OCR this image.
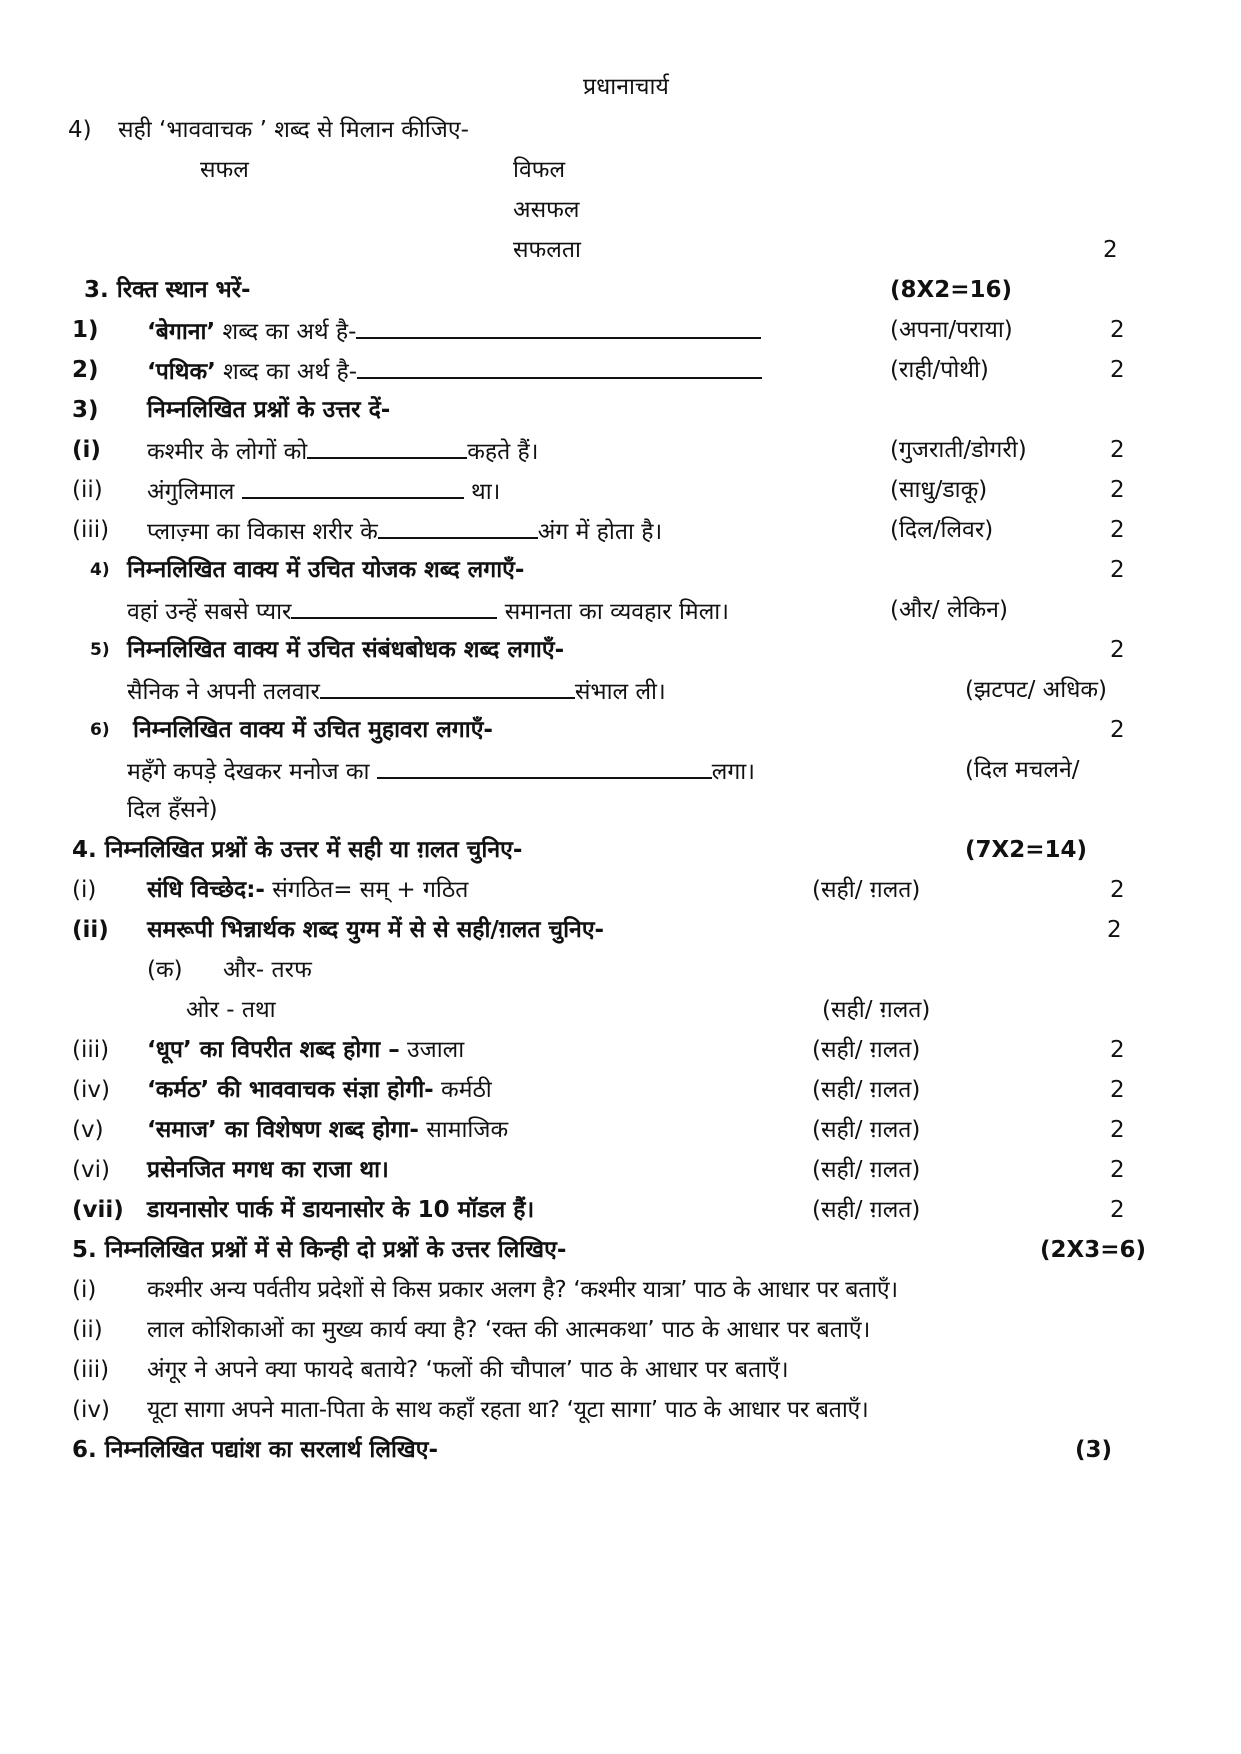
प्रधानाचार्य
4) सही ‘भाववाचक ’ शब्द से मिलान कीजिए-
सफल	विफल
असफल
सफलता	2
3. रिक्त स्थान भरें-	(8X2=16)
1) ‘बेगाना’ शब्द का अर्थ है-	(अपना/पराया)	2
2) ‘पथिक’ शब्द का अर्थ है-	(राही/पोथी)	2
3) निम्नलिखित प्रश्नों के उत्तर दें-
(i) कश्मीर के लोगों को	कहते हैं।	(गुजराती/डोगरी)	2
(ii) अंगुलिमाल	था।	(साधु/डाकू)	2
(iii) प्लाज़्मा का विकास शरीर के	अंग में होता है।	(दिल/लिवर)	2
4) निम्नलिखित वाक्य में उचित योजक शब्द लगाएँ-	2
वहां उन्हें सबसे प्यार	समानता का व्यवहार मिला।	(और/ लेकिन)
5) निम्नलिखित वाक्य में उचित संबंधबोधक शब्द लगाएँ-	2
सैनिक ने अपनी तलवार	संभाल ली।	(झटपट/ अधिक)
6) निम्नलिखित वाक्य में उचित मुहावरा लगाएँ-	2
महँगे कपड़े देखकर मनोज का	लगा।	(दिल मचलने/
दिल हँसने)
4. निम्नलिखित प्रश्नों के उत्तर में सही या ग़लत चुनिए-	(7X2=14)
(i) संधि विच्छेद:- संगठित= सम् + गठित	(सही/ ग़लत)	2
(ii) समरूपी भिन्नार्थक शब्द युग्म में से से सही/ग़लत चुनिए-	2
(क) और- तरफ
ओर - तथा	(सही/ ग़लत)
(iii) ‘धूप’ का विपरीत शब्द होगा – उजाला	(सही/ ग़लत)	2
(iv) ‘कर्मठ’ की भाववाचक संज्ञा होगी- कर्मठी	(सही/ ग़लत)	2
(v) ‘समाज’ का विशेषण शब्द होगा- सामाजिक	(सही/ ग़लत)	2
(vi) प्रसेनजित मगध का राजा था।	(सही/ ग़लत)	2
(vii) डायनासोर पार्क में डायनासोर के 10 मॉडल हैं।	(सही/ ग़लत)	2
5. निम्नलिखित प्रश्नों में से किन्ही दो प्रश्नों के उत्तर लिखिए-	(2X3=6)
(i) कश्मीर अन्य पर्वतीय प्रदेशों से किस प्रकार अलग है? ‘कश्मीर यात्रा’ पाठ के आधार पर बताएँ।
(ii) लाल कोशिकाओं का मुख्य कार्य क्या है? ‘रक्त की आत्मकथा’ पाठ के आधार पर बताएँ।
(iii) अंगूर ने अपने क्या फायदे बताये? ‘फलों की चौपाल’ पाठ के आधार पर बताएँ।
(iv) यूटा सागा अपने माता-पिता के साथ कहाँ रहता था? ‘यूटा सागा’ पाठ के आधार पर बताएँ।
6. निम्नलिखित पद्यांश का सरलार्थ लिखिए-	(3)
